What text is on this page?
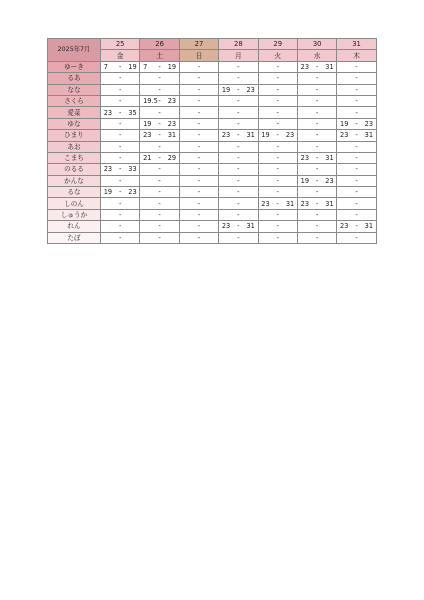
2025年7月	25	26	27	28	29	30	31
	金	土	日	月	火	水	木
ゆーき	7 - 19	7 - 19	-	-	-	23 - 31	-
るあ	-	-	-	-	-	-	-
なな	-	-	-	19 - 23	-	-	-
さくら	-	19.5- 23	-	-	-	-	-
愛菜	23 - 35	-	-	-	-	-	-
ゆな	-	19 - 23	-	-	-	-	19 - 23
ひまり	-	23 - 31	-	23 - 31	19 - 23	-	23 - 31
あお	-	-	-	-	-	-	-
こまち	-	21 - 29	-	-	-	23 - 31	-
のるる	23 - 33	-	-	-	-	-	-
かんな	-	-	-	-	-	19 - 23	-
るな	19 - 23	-	-	-	-	-	-
しのん	-	-	-	-	23 - 31	23 - 31	-
しゅうか	-	-	-	-	-	-	-
れん	-	-	-	23 - 31	-	-	23 - 31
たぼ	-	-	-	-	-	-	-
